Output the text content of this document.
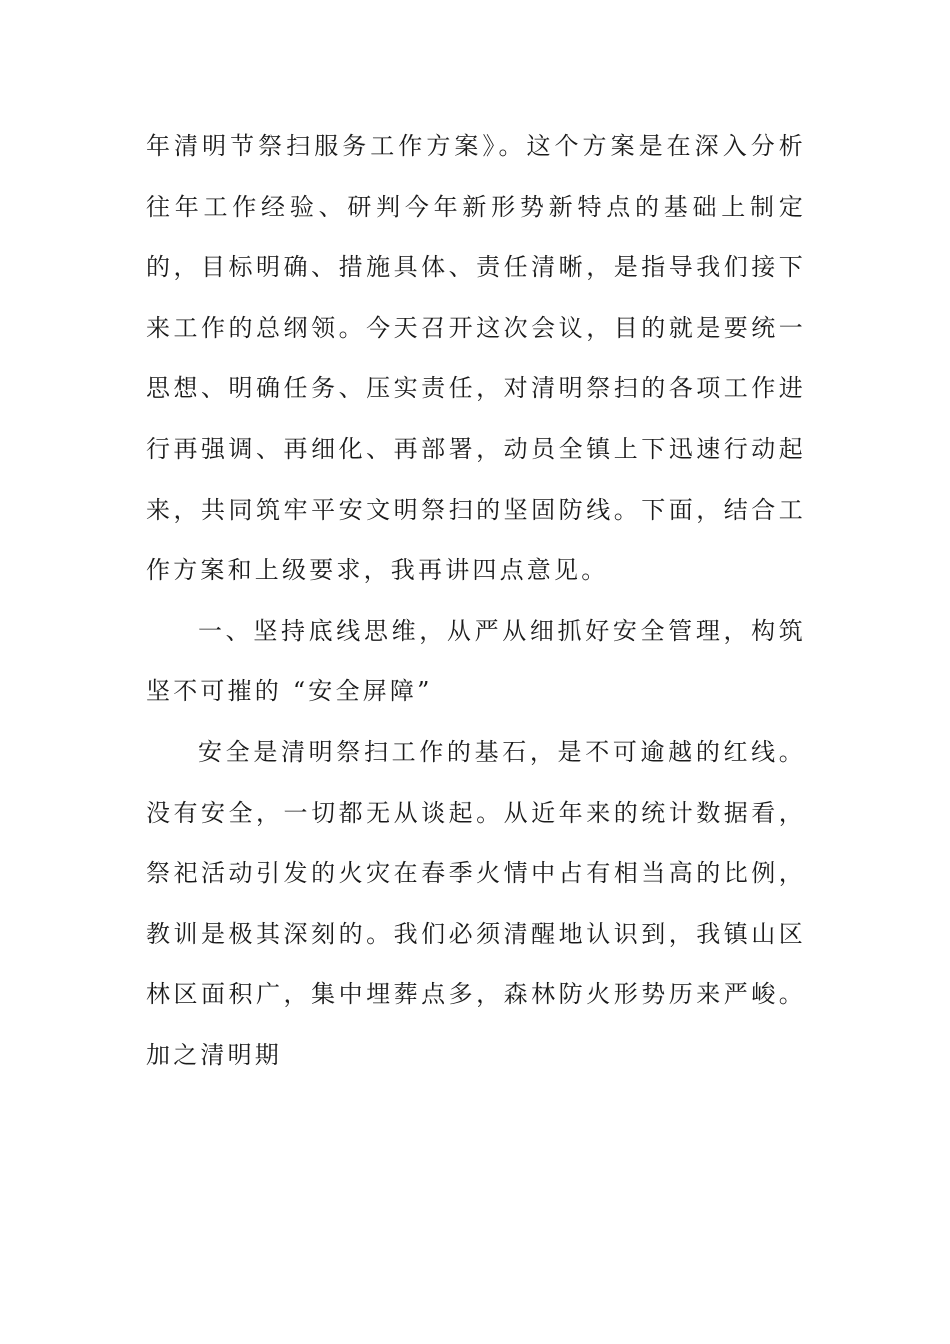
年清明节祭扫服务工作方案》。这个方案是在深入分析往年工作经验、研判今年新形势新特点的基础上制定的，目标明确、措施具体、责任清晰，是指导我们接下来工作的总纲领。今天召开这次会议，目的就是要统一思想、明确任务、压实责任，对清明祭扫的各项工作进行再强调、再细化、再部署，动员全镇上下迅速行动起来，共同筑牢平安文明祭扫的坚固防线。下面，结合工作方案和上级要求，我再讲四点意见。

一、坚持底线思维，从严从细抓好安全管理，构筑坚不可摧的 “安全屏障”

安全是清明祭扫工作的基石，是不可逾越的红线。没有安全，一切都无从谈起。从近年来的统计数据看，祭祀活动引发的火灾在春季火情中占有相当高的比例，教训是极其深刻的。我们必须清醒地认识到，我镇山区林区面积广，集中埋葬点多，森林防火形势历来严峻。加之清明期
